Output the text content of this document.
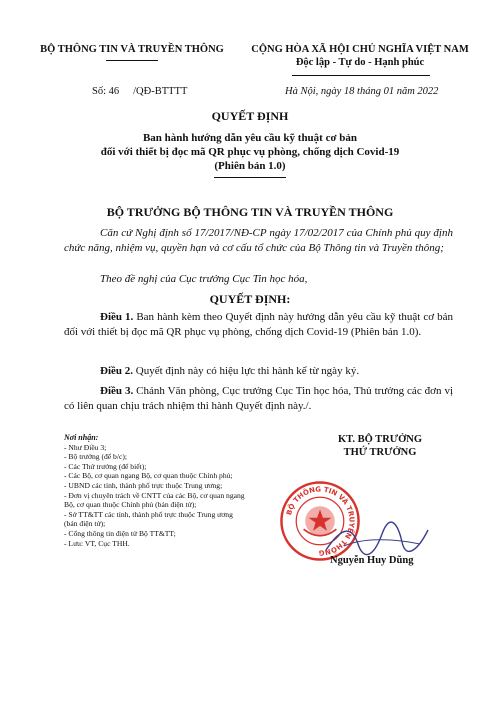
BỘ THÔNG TIN VÀ TRUYỀN THÔNG	CỘNG HÒA XÃ HỘI CHỦ NGHĨA VIỆT NAM
Độc lập - Tự do - Hạnh phúc
Số: 46 /QĐ-BTTTT	Hà Nội, ngày 18 tháng 01 năm 2022
QUYẾT ĐỊNH
Ban hành hướng dẫn yêu cầu kỹ thuật cơ bản
đối với thiết bị đọc mã QR phục vụ phòng, chống dịch Covid-19
(Phiên bản 1.0)
BỘ TRƯỞNG BỘ THÔNG TIN VÀ TRUYỀN THÔNG
Căn cứ Nghị định số 17/2017/NĐ-CP ngày 17/02/2017 của Chính phủ quy định chức năng, nhiệm vụ, quyền hạn và cơ cấu tổ chức của Bộ Thông tin và Truyền thông;
Theo đề nghị của Cục trưởng Cục Tin học hóa,
QUYẾT ĐỊNH:
Điều 1. Ban hành kèm theo Quyết định này hướng dẫn yêu cầu kỹ thuật cơ bản đối với thiết bị đọc mã QR phục vụ phòng, chống dịch Covid-19 (Phiên bản 1.0).
Điều 2. Quyết định này có hiệu lực thi hành kể từ ngày ký.
Điều 3. Chánh Văn phòng, Cục trưởng Cục Tin học hóa, Thủ trưởng các đơn vị có liên quan chịu trách nhiệm thi hành Quyết định này./.
Nơi nhận:
- Như Điều 3;
- Bộ trưởng (để b/c);
- Các Thứ trưởng (để biết);
- Các Bộ, cơ quan ngang Bộ, cơ quan thuộc Chính phủ;
- UBND các tỉnh, thành phố trực thuộc Trung ương;
- Đơn vị chuyên trách về CNTT của các Bộ, cơ quan ngang
Bộ, cơ quan thuộc Chính phủ (bản điện tử);
- Sở TT&TT các tỉnh, thành phố trực thuộc Trung ương
(bản điện tử);
- Cổng thông tin điện tử Bộ TT&TT;
- Lưu: VT, Cục THH.
KT. BỘ TRƯỞNG
THỨ TRƯỞNG
BỘ THÔNG TIN VÀ TRUYỀN THÔNG
Nguyễn Huy Dũng
